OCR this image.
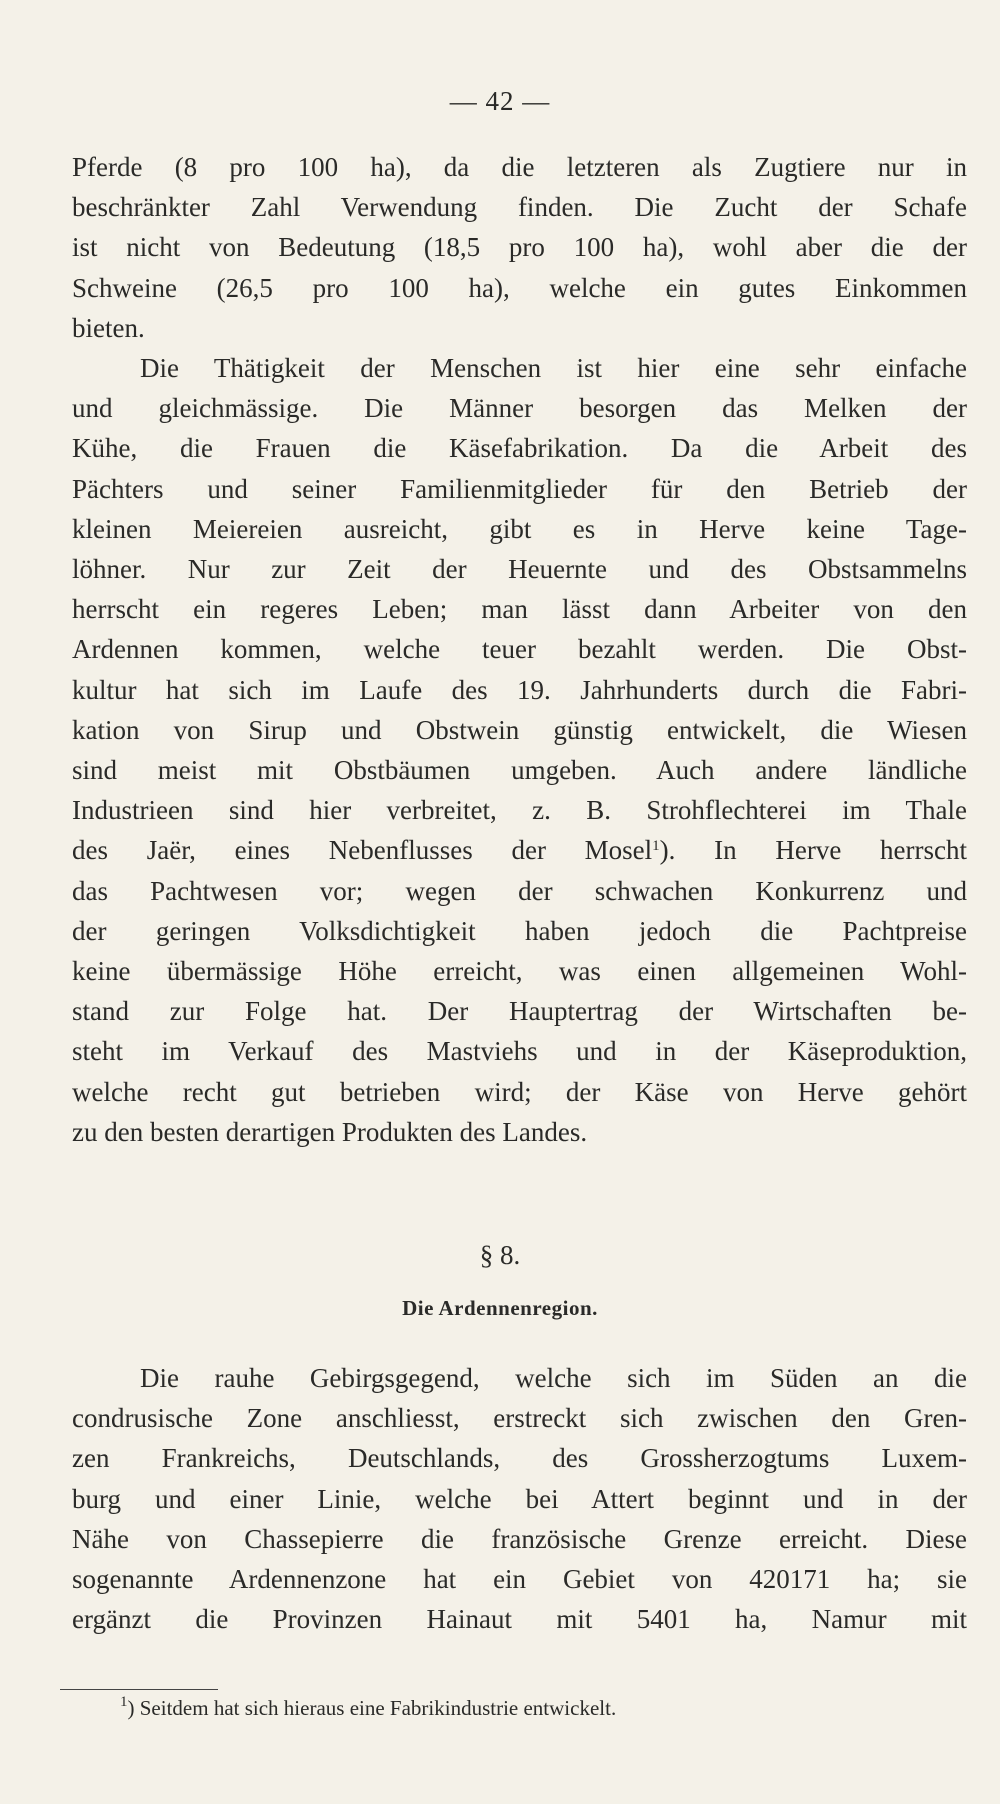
— 42 —
Pferde (8 pro 100 ha), da die letzteren als Zugtiere nur in
beschränkter Zahl Verwendung finden. Die Zucht der Schafe
ist nicht von Bedeutung (18,5 pro 100 ha), wohl aber die der
Schweine (26,5 pro 100 ha), welche ein gutes Einkommen
bieten.
Die Thätigkeit der Menschen ist hier eine sehr einfache
und gleichmässige. Die Männer besorgen das Melken der
Kühe, die Frauen die Käsefabrikation. Da die Arbeit des
Pächters und seiner Familienmitglieder für den Betrieb der
kleinen Meiereien ausreicht, gibt es in Herve keine Tage-
löhner. Nur zur Zeit der Heuernte und des Obstsammelns
herrscht ein regeres Leben; man lässt dann Arbeiter von den
Ardennen kommen, welche teuer bezahlt werden. Die Obst-
kultur hat sich im Laufe des 19. Jahrhunderts durch die Fabri-
kation von Sirup und Obstwein günstig entwickelt, die Wiesen
sind meist mit Obstbäumen umgeben. Auch andere ländliche
Industrieen sind hier verbreitet, z. B. Strohflechterei im Thale
des Jaër, eines Nebenflusses der Mosel$^1$). In Herve herrscht
das Pachtwesen vor; wegen der schwachen Konkurrenz und
der geringen Volksdichtigkeit haben jedoch die Pachtpreise
keine übermässige Höhe erreicht, was einen allgemeinen Wohl-
stand zur Folge hat. Der Hauptertrag der Wirtschaften be-
steht im Verkauf des Mastviehs und in der Käseproduktion,
welche recht gut betrieben wird; der Käse von Herve gehört
zu den besten derartigen Produkten des Landes.
§ 8.
Die Ardennenregion.
Die rauhe Gebirgsgegend, welche sich im Süden an die
condrusische Zone anschliesst, erstreckt sich zwischen den Gren-
zen Frankreichs, Deutschlands, des Grossherzogtums Luxem-
burg und einer Linie, welche bei Attert beginnt und in der
Nähe von Chassepierre die französische Grenze erreicht. Diese
sogenannte Ardennenzone hat ein Gebiet von 420171 ha; sie
ergänzt die Provinzen Hainaut mit 5401 ha, Namur mit
$^1$) Seitdem hat sich hieraus eine Fabrikindustrie entwickelt.
